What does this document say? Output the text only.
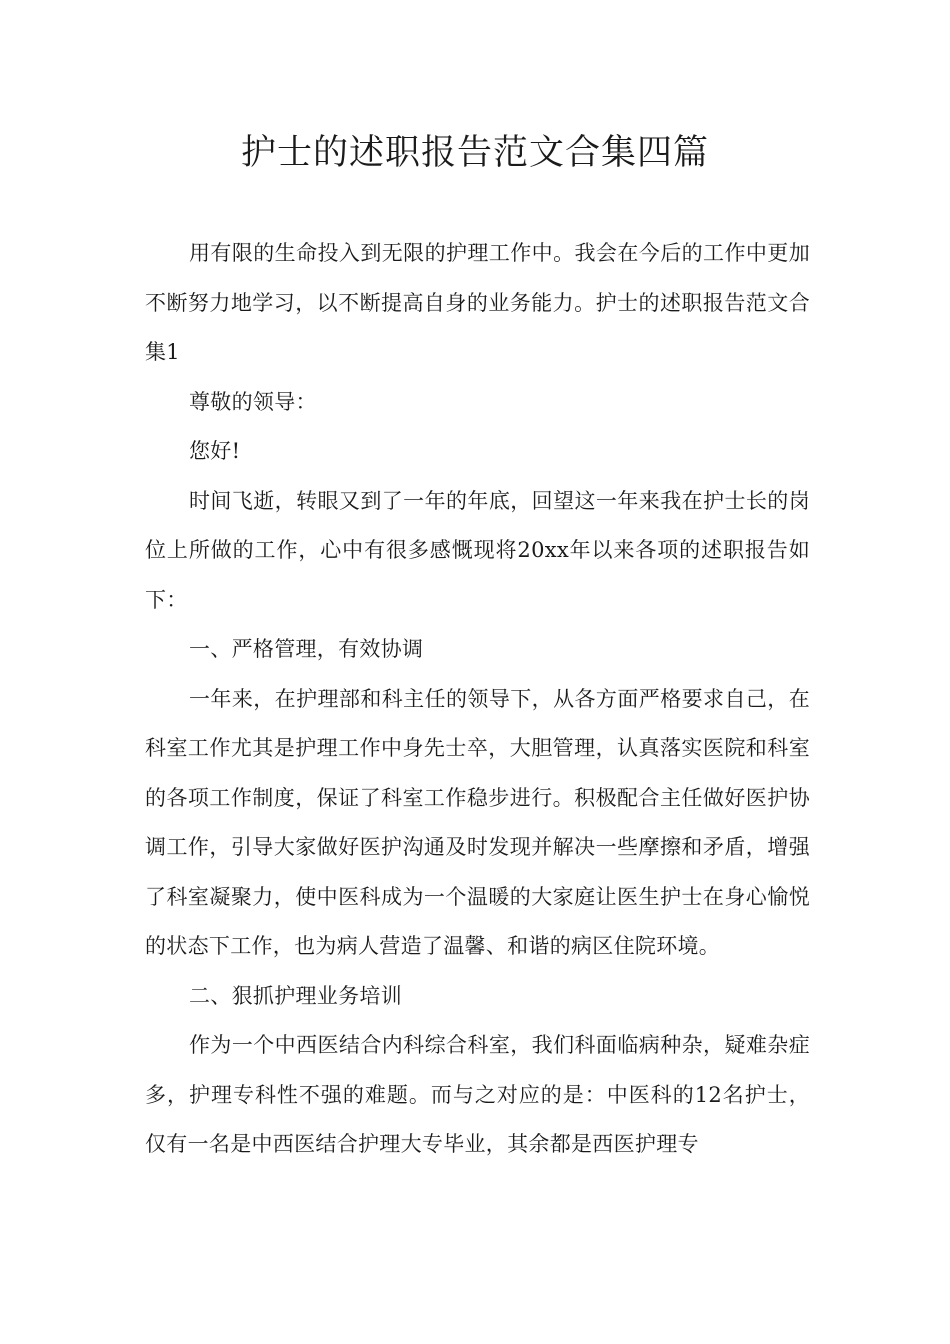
护士的述职报告范文合集四篇

用有限的生命投入到无限的护理工作中。我会在今后的工作中更加不断努力地学习，以不断提高自身的业务能力。护士的述职报告范文合集1

尊敬的领导：

您好!

时间飞逝，转眼又到了一年的年底，回望这一年来我在护士长的岗位上所做的工作，心中有很多感慨现将20xx年以来各项的述职报告如下：

一、严格管理，有效协调

一年来，在护理部和科主任的领导下，从各方面严格要求自己，在科室工作尤其是护理工作中身先士卒，大胆管理，认真落实医院和科室的各项工作制度，保证了科室工作稳步进行。积极配合主任做好医护协调工作，引导大家做好医护沟通及时发现并解决一些摩擦和矛盾，增强了科室凝聚力，使中医科成为一个温暖的大家庭让医生护士在身心愉悦的状态下工作，也为病人营造了温馨、和谐的病区住院环境。

二、狠抓护理业务培训

作为一个中西医结合内科综合科室，我们科面临病种杂，疑难杂症多，护理专科性不强的难题。而与之对应的是：中医科的12名护士，仅有一名是中西医结合护理大专毕业，其余都是西医护理专
